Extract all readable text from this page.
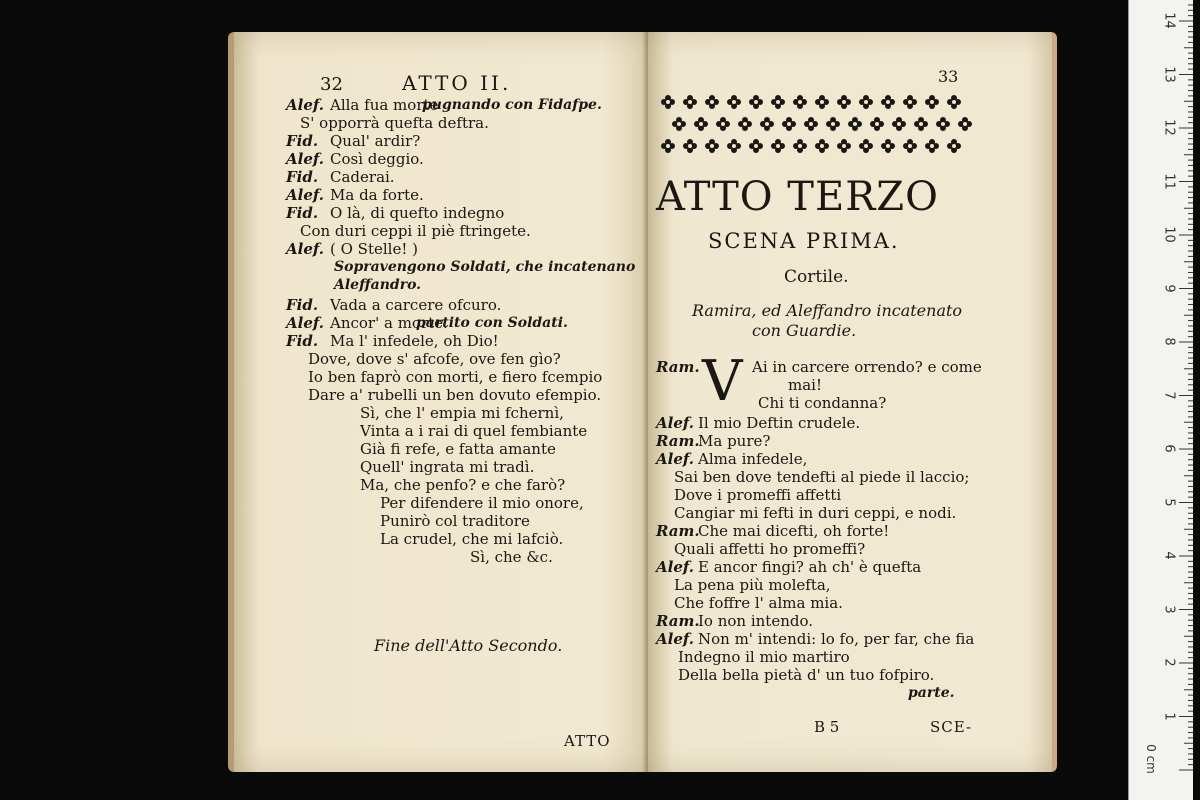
32	ATTO II.
Alef. Alla fua morte
pugnando con Fidafpe.
S' opporrà quefta deftra.
Fid. Qual' ardir?
Alef. Così deggio.
Fid. Caderai.
Alef. Ma da forte.
Fid. O là, di quefto indegno
Con duri ceppi il piè ftringete.
Alef. ( O Stelle! )
Sopravengono Soldati, che incatenano
Aleffandro.
Fid. Vada a carcere ofcuro.
Alef. Ancor' a morte.
partito con Soldati.
Fid. Ma l' infedele, oh Dio!
Dove, dove s' afcofe, ove fen gìo?
Io ben faprò con morti, e fiero fcempio
Dare a' rubelli un ben dovuto efempio.
Sì, che l' empia mi fchernì,
Vinta a i rai di quel fembiante
Già fi refe, e fatta amante
Quell' ingrata mi tradì.
Ma, che penfo? e che farò?
Per difendere il mio onore,
Punirò col traditore
La crudel, che mi lafciò.
Sì, che &c.
Fine dell'Atto Secondo.
ATTO
33
ATTO TERZO
SCENA PRIMA.
Cortile.
Ramira, ed Aleffandro incatenato
con Guardie.
V
Ram.	Ai in carcere orrendo? e come
mai!
Chi ti condanna?
Alef. Il mio Deftin crudele.
Ram.
Ma pure?
Alef. Alma infedele,
Sai ben dove tendefti al piede il laccio;
Dove i promeffi affetti
Cangiar mi fefti in duri ceppi, e nodi.
Ram.
Che mai dicefti, oh forte!
Quali affetti ho promeffi?
Alef. E ancor fingi? ah ch' è quefta
La pena più molefta,
Che foffre l' alma mia.
Ram.
Io non intendo.
Alef. Non m' intendi: lo fo, per far, che fia
Indegno il mio martiro
Della bella pietà d' un tuo fofpiro.
parte.
B 5	SCE-
1
2
3
4
5
6
7
8
9
10
11
12
13
14
0 cm
